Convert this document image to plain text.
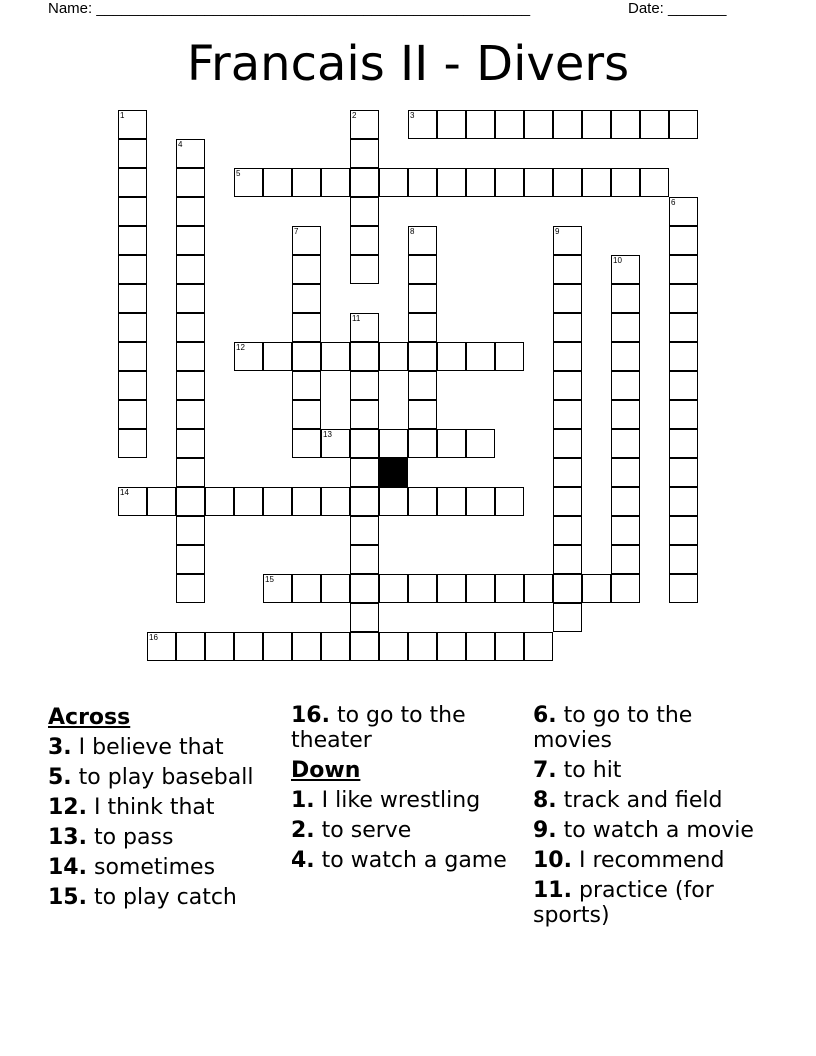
Name: ____________________________________________________	Date: _______
Francais II - Divers
3
5
12
13
14
15
16
1	2
4
6
7	8	9
10
11
Across
3. I believe that
5. to play baseball
12. I think that
13. to pass
14. sometimes
15. to play catch
16. to go to the theater
Down
1. I like wrestling
2. to serve
4. to watch a game
6. to go to the movies
7. to hit
8. track and field
9. to watch a movie
10. I recommend
11. practice (for sports)
